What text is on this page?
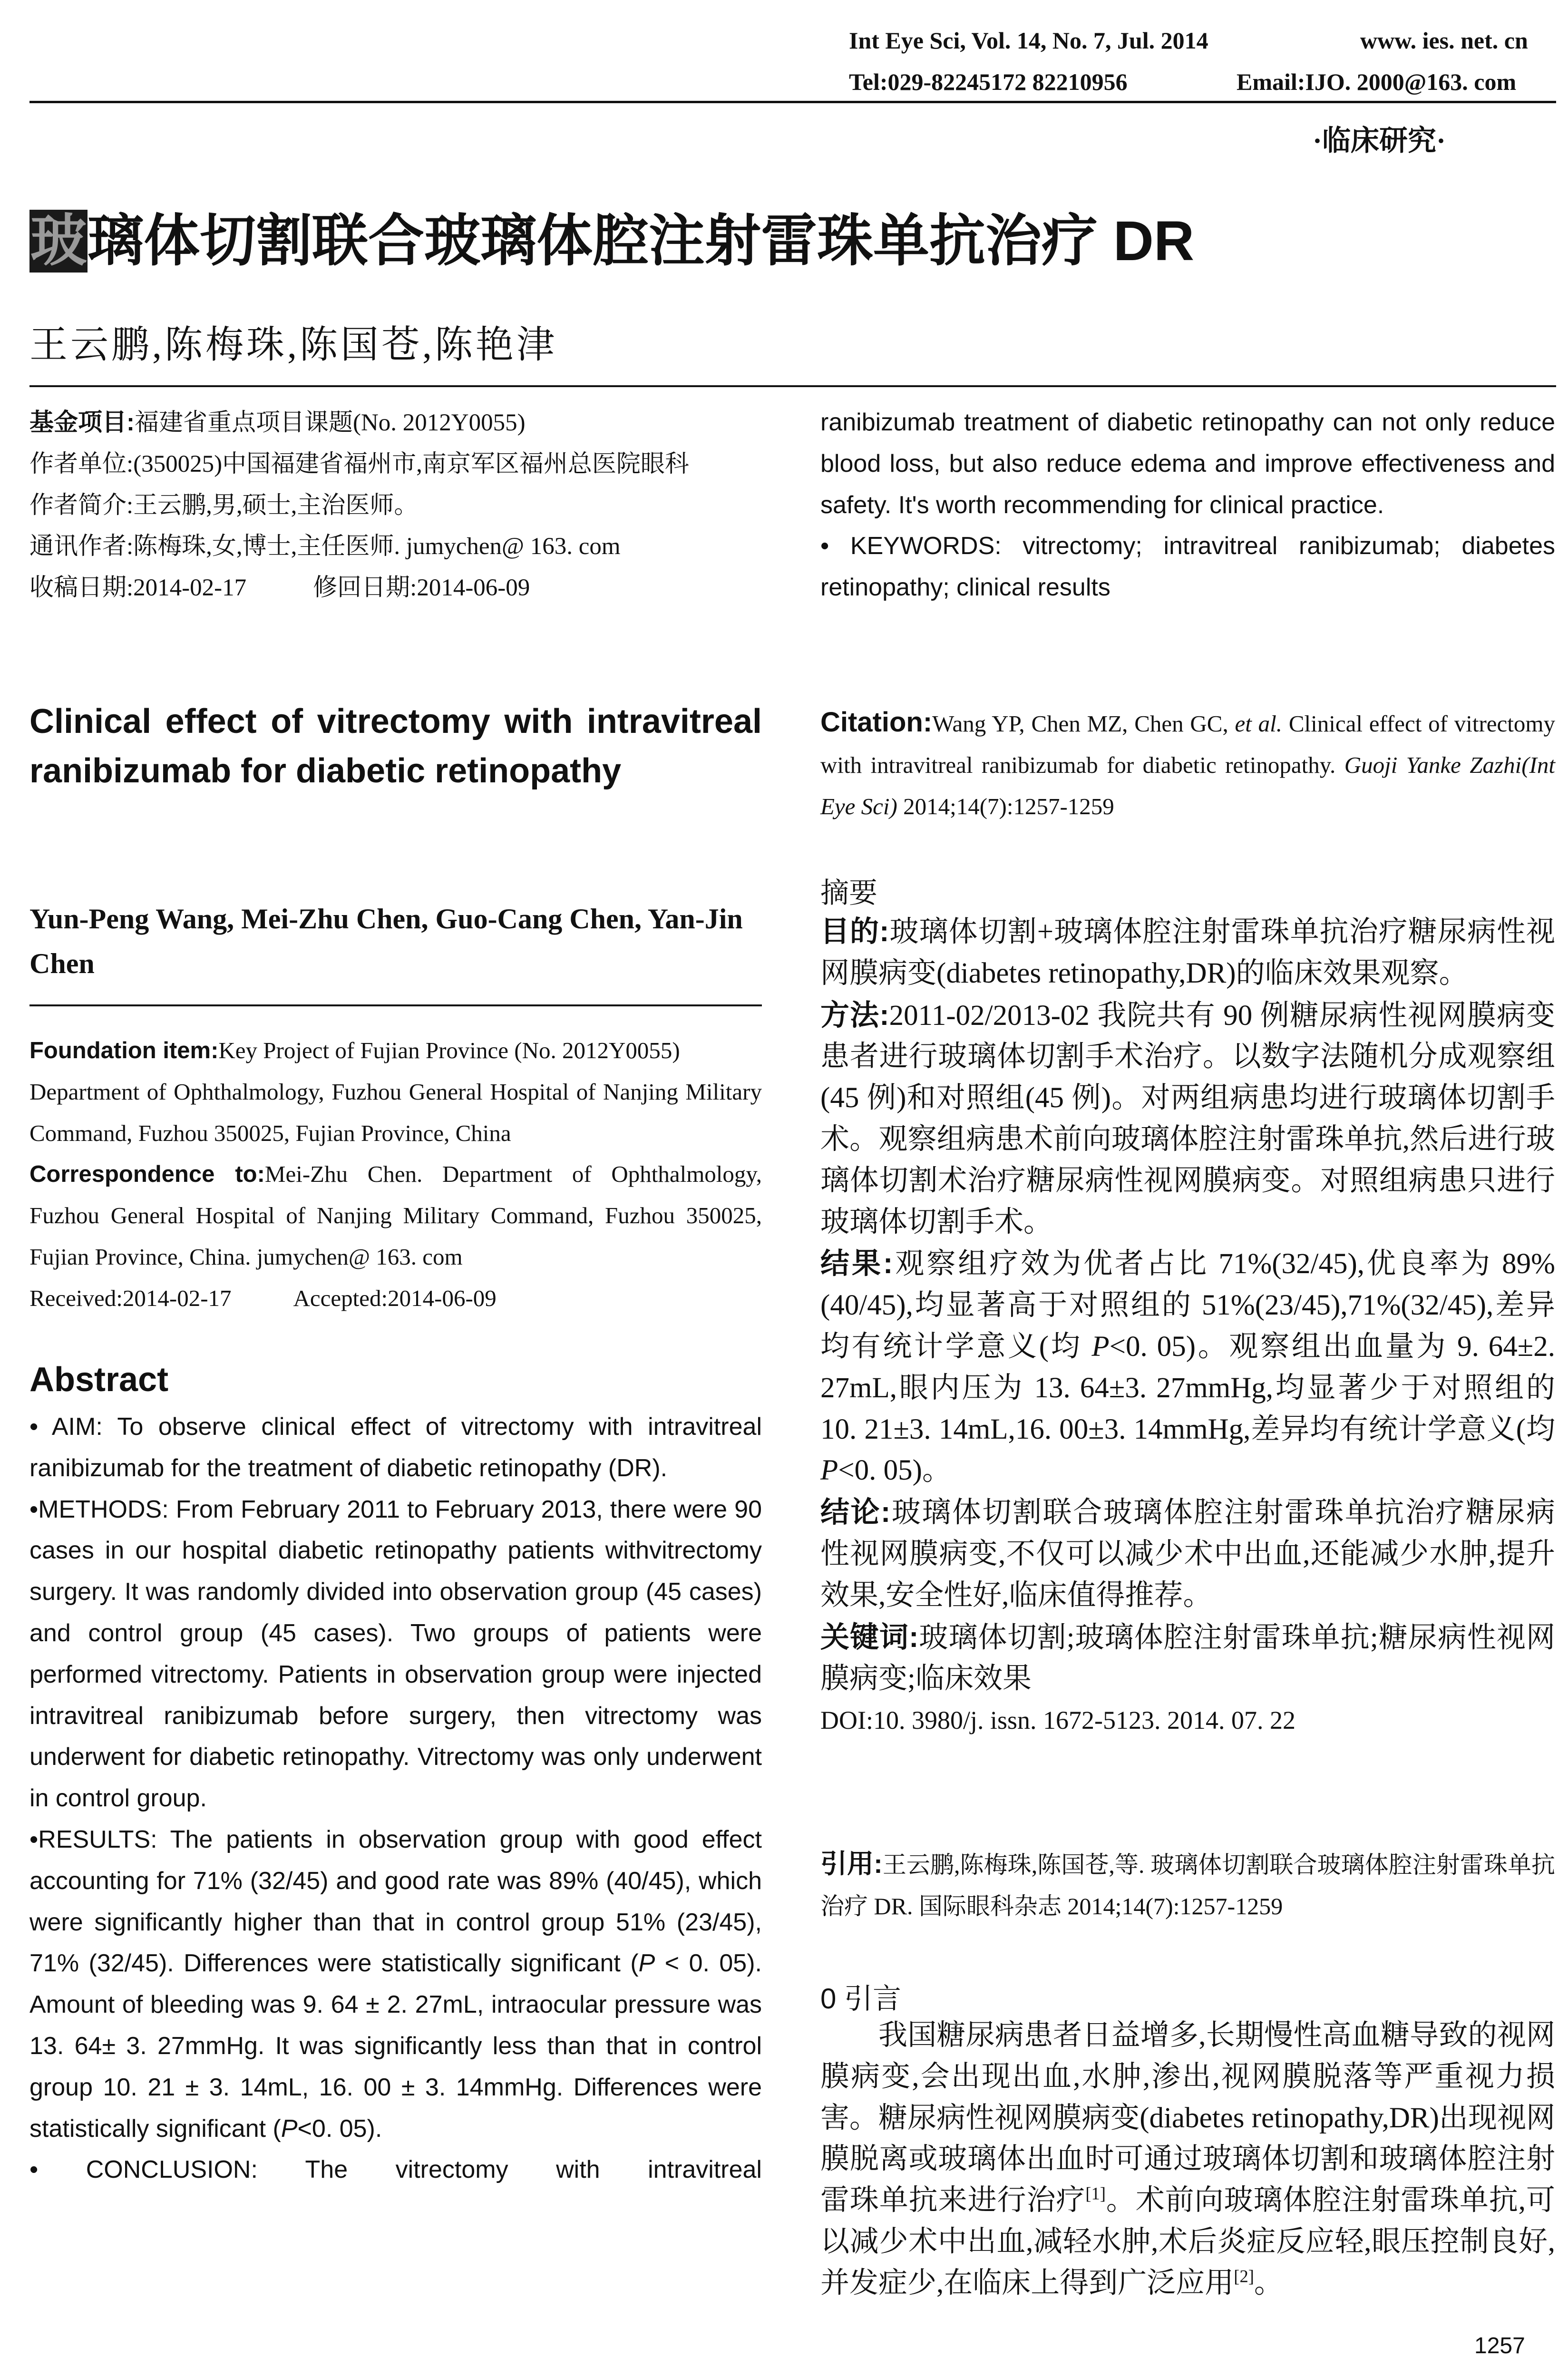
Int Eye Sci, Vol. 14, No. 7, Jul. 2014	www. ies. net. cn
Tel:029-82245172 82210956	Email:IJO. 2000@163. com
·临床研究·
玻璃体切割联合玻璃体腔注射雷珠单抗治疗 DR
王云鹏,陈梅珠,陈国苍,陈艳津

基金项目:福建省重点项目课题(No. 2012Y0055)

作者单位:(350025)中国福建省福州市,南京军区福州总医院眼科

作者简介:王云鹏,男,硕士,主治医师。

通讯作者:陈梅珠,女,博士,主任医师. jumychen@ 163. com

收稿日期:2014-02-17	修回日期:2014-06-09

Clinical effect of vitrectomy with intravitreal ranibizumab for diabetic retinopathy
Yun-Peng Wang, Mei-Zhu Chen, Guo-Cang Chen, Yan-Jin Chen

Foundation item:Key Project of Fujian Province (No. 2012Y0055)

Department of Ophthalmology, Fuzhou General Hospital of Nanjing Military Command, Fuzhou 350025, Fujian Province, China

Correspondence to:Mei-Zhu Chen. Department of Ophthalmology, Fuzhou General Hospital of Nanjing Military Command, Fuzhou 350025, Fujian Province, China. jumychen@ 163. com

Received:2014-02-17	Accepted:2014-06-09

Abstract

• AIM: To observe clinical effect of vitrectomy with intravitreal ranibizumab for the treatment of diabetic retinopathy (DR).

•METHODS: From February 2011 to February 2013, there were 90 cases in our hospital diabetic retinopathy patients withvitrectomy surgery. It was randomly divided into observation group (45 cases) and control group (45 cases). Two groups of patients were performed vitrectomy. Patients in observation group were injected intravitreal ranibizumab before surgery, then vitrectomy was underwent for diabetic retinopathy. Vitrectomy was only underwent in control group.

•RESULTS: The patients in observation group with good effect accounting for 71% (32/45) and good rate was 89% (40/45), which were significantly higher than that in control group 51% (23/45), 71% (32/45). Differences were statistically significant (P < 0. 05). Amount of bleeding was 9. 64 ± 2. 27mL, intraocular pressure was 13. 64± 3. 27mmHg. It was significantly less than that in control group 10. 21 ± 3. 14mL, 16. 00 ± 3. 14mmHg. Differences were statistically significant (P<0. 05).

• CONCLUSION: The vitrectomy with intravitreal

ranibizumab treatment of diabetic retinopathy can not only reduce blood loss, but also reduce edema and improve effectiveness and safety. It's worth recommending for clinical practice.

• KEYWORDS: vitrectomy; intravitreal ranibizumab; diabetes retinopathy; clinical results

Citation:Wang YP, Chen MZ, Chen GC, et al. Clinical effect of vitrectomy with intravitreal ranibizumab for diabetic retinopathy. Guoji Yanke Zazhi(Int Eye Sci) 2014;14(7):1257-1259

摘要

目的:玻璃体切割+玻璃体腔注射雷珠单抗治疗糖尿病性视网膜病变(diabetes retinopathy,DR)的临床效果观察。

方法:2011-02/2013-02 我院共有 90 例糖尿病性视网膜病变患者进行玻璃体切割手术治疗。以数字法随机分成观察组(45 例)和对照组(45 例)。对两组病患均进行玻璃体切割手术。观察组病患术前向玻璃体腔注射雷珠单抗,然后进行玻璃体切割术治疗糖尿病性视网膜病变。对照组病患只进行玻璃体切割手术。

结果:观察组疗效为优者占比 71%(32/45),优良率为 89%(40/45),均显著高于对照组的 51%(23/45),71%(32/45),差异均有统计学意义(均 P<0. 05)。观察组出血量为 9. 64±2. 27mL,眼内压为 13. 64±3. 27mmHg,均显著少于对照组的 10. 21±3. 14mL,16. 00±3. 14mmHg,差异均有统计学意义(均 P<0. 05)。

结论:玻璃体切割联合玻璃体腔注射雷珠单抗治疗糖尿病性视网膜病变,不仅可以减少术中出血,还能减少水肿,提升效果,安全性好,临床值得推荐。

关键词:玻璃体切割;玻璃体腔注射雷珠单抗;糖尿病性视网膜病变;临床效果

DOI:10. 3980/j. issn. 1672-5123. 2014. 07. 22

引用:王云鹏,陈梅珠,陈国苍,等. 玻璃体切割联合玻璃体腔注射雷珠单抗治疗 DR. 国际眼科杂志 2014;14(7):1257-1259

0 引言

我国糖尿病患者日益增多,长期慢性高血糖导致的视网膜病变,会出现出血,水肿,渗出,视网膜脱落等严重视力损害。糖尿病性视网膜病变(diabetes retinopathy,DR)出现视网膜脱离或玻璃体出血时可通过玻璃体切割和玻璃体腔注射雷珠单抗来进行治疗[1]。术前向玻璃体腔注射雷珠单抗,可以减少术中出血,减轻水肿,术后炎症反应轻,眼压控制良好,并发症少,在临床上得到广泛应用[2]。

1257
